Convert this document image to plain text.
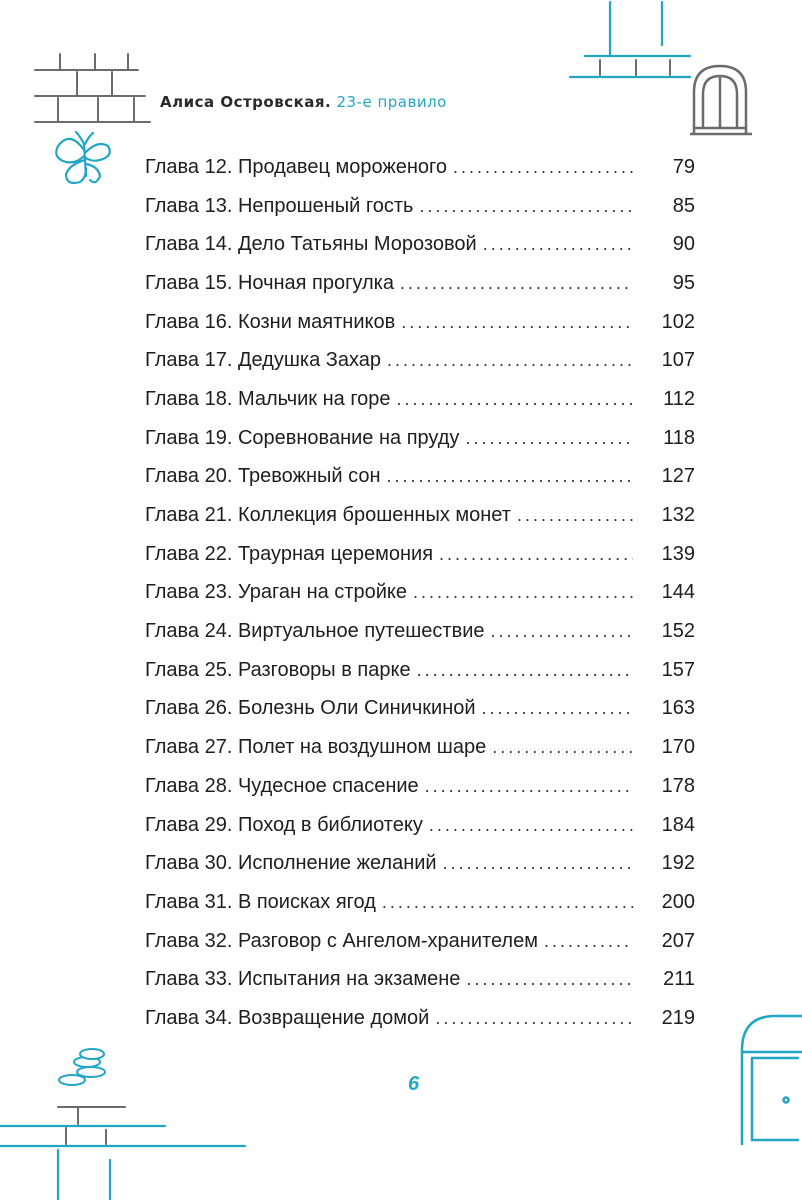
Алиса Островская. 23-е правило
Глава 12. Продавец мороженого . . .	79
Глава 13. Непрошеный гость . . .	85
Глава 14. Дело Татьяны Морозовой . . .	90
Глава 15. Ночная прогулка . . .	95
Глава 16. Козни маятников . . .	102
Глава 17. Дедушка Захар . . .	107
Глава 18. Мальчик на горе . . .	112
Глава 19. Соревнование на пруду . . .	118
Глава 20. Тревожный сон . . .	127
Глава 21. Коллекция брошенных монет . . .	132
Глава 22. Траурная церемония . . .	139
Глава 23. Ураган на стройке . . .	144
Глава 24. Виртуальное путешествие . . .	152
Глава 25. Разговоры в парке . . .	157
Глава 26. Болезнь Оли Синичкиной . . .	163
Глава 27. Полет на воздушном шаре . . .	170
Глава 28. Чудесное спасение . . .	178
Глава 29. Поход в библиотеку . . .	184
Глава 30. Исполнение желаний . . .	192
Глава 31. В поисках ягод . . .	200
Глава 32. Разговор с Ангелом-хранителем . . .	207
Глава 33. Испытания на экзамене . . .	211
Глава 34. Возвращение домой . . .	219
6
